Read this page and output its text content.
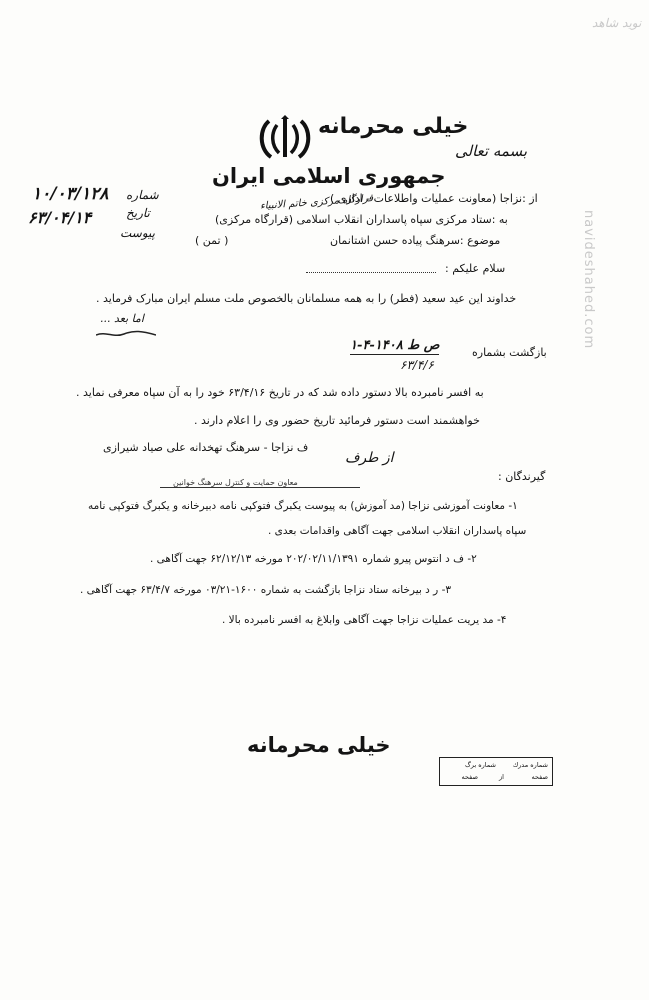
navideshahed.com
نوید شاهد
خیلی محرمانه
بسمه تعالی
جمهوری اسلامی ایران
شماره
تاریخ
پیوست
۱۰/۰۳/۱۲۸
۶۳/۰۴/۱۴
از :نزاجا (معاونت عملیات واطلاعات - اداری )
به :ستاد مرکزی سپاه پاسداران انقلاب اسلامی (قرارگاه مرکزی)
قرارگاه مرکزی خاتم الانبیاء
موضوع :سرهنگ پیاده حسن اشتانمان
( تمن )
سلام علیکم :
خداوند این عید سعید (فطر) را به همه مسلمانان بالخصوص ملت مسلم ایران مبارک فرماید .
اما بعد ...
بازگشت بشماره
۱-۴-۱۴۰۸ ص ط
۶۳/۴/۶
به افسر نامبرده بالا دستور داده شد که در تاریخ ۶۳/۴/۱۶ خود را به آن سپاه معرفی نماید .
خواهشمند است دستور فرمائید تاریخ حضور وی را اعلام دارند .
از طرف
ف نزاجا - سرهنگ تهخدانه علی صیاد شیرازی
معاون حمایت و کنترل سرهنگ خوانین	گیرندگان :
۱- معاونت آموزشی نزاجا (مد آموزش) به پیوست یکبرگ فتوکپی نامه دبیرخانه و یکبرگ فتوکپی نامه
سپاه پاسداران انقلاب اسلامی جهت آگاهی واقدامات بعدی .
۲- ف د انتوس پیرو شماره ۲۰۲/۰۲/۱۱/۱۳۹۱ مورخه ۶۲/۱۲/۱۳ جهت آگاهی .
۳- ر د بیرخانه ستاد نزاجا بازگشت به شماره ۱۶۰۰-۰۳/۲۱ مورخه ۶۳/۴/۷ جهت آگاهی .
۴- مد یریت عملیات نزاجا جهت آگاهی وابلاغ به افسر نامبرده بالا .
خیلی محرمانه
شماره مدرك
شماره برگ
صفحه
از
صفحه
